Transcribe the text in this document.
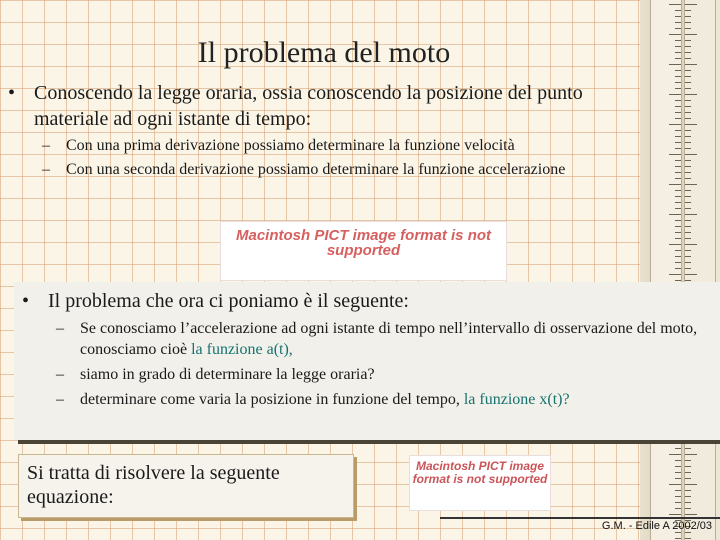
Il problema del moto
• Conoscendo la legge oraria, ossia conoscendo la posizione del punto materiale ad ogni istante di tempo:
– Con una prima derivazione possiamo determinare la funzione velocità
– Con una seconda derivazione possiamo determinare la funzione accelerazione
Macintosh PICT image format is not supported
• Il problema che ora ci poniamo è il seguente:
– Se conosciamo l’accelerazione ad ogni istante di tempo nell’intervallo di osservazione del moto, conosciamo cioè la funzione a(t),
– siamo in grado di determinare la legge oraria?
– determinare come varia la posizione in funzione del tempo, la funzione x(t)?
Si tratta di risolvere la seguente equazione:
Macintosh PICT image format is not supported
G.M. - Edile A 2002/03
